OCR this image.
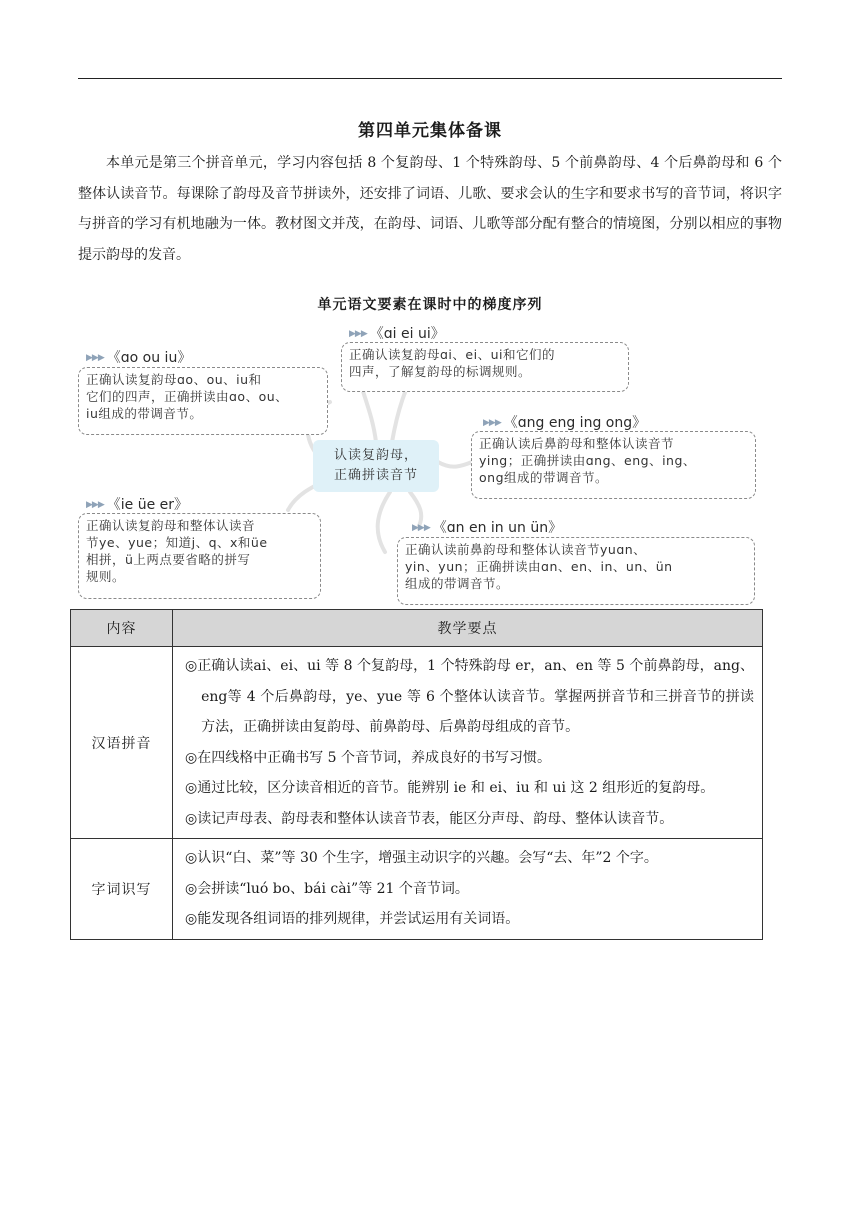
第四单元集体备课

本单元是第三个拼音单元，学习内容包括 8 个复韵母、1 个特殊韵母、5 个前鼻韵母、4 个后鼻韵母和 6 个整体认读音节。每课除了韵母及音节拼读外，还安排了词语、儿歌、要求会认的生字和要求书写的音节词，将识字与拼音的学习有机地融为一体。教材图文并茂，在韵母、词语、儿歌等部分配有整合的情境图，分别以相应的事物提示韵母的发音。

单元语文要素在课时中的梯度序列
▶▶▶ 《ɑi ei ui》
正确认读复韵母ɑi、ei、ui和它们的
四声，了解复韵母的标调规则。
▶▶▶ 《ɑo ou iu》
正确认读复韵母ɑo、ou、iu和
它们的四声，正确拼读由ɑo、ou、
iu组成的带调音节。
认读复韵母，
正确拼读音节
▶▶▶ 《ɑng eng ing ong》
正确认读后鼻韵母和整体认读音节
ying；正确拼读由ɑng、eng、ing、
ong组成的带调音节。
▶▶▶ 《ie üe er》
正确认读复韵母和整体认读音
节ye、yue；知道j、q、x和üe
相拼，ü上两点要省略的拼写
规则。
▶▶▶ 《ɑn en in un ün》
正确认读前鼻韵母和整体认读音节yuɑn、
yin、yun；正确拼读由ɑn、en、in、un、ün
组成的带调音节。
内容	教学要点
汉语拼音	◎正确认读ai、ei、ui 等 8 个复韵母，1 个特殊韵母 er，an、en 等 5 个前鼻韵母，ang、eng等 4 个后鼻韵母，ye、yue 等 6 个整体认读音节。掌握两拼音节和三拼音节的拼读方法，正确拼读由复韵母、前鼻韵母、后鼻韵母组成的音节。
◎在四线格中正确书写 5 个音节词，养成良好的书写习惯。
◎通过比较，区分读音相近的音节。能辨别 ie 和 ei、iu 和 ui 这 2 组形近的复韵母。
◎读记声母表、韵母表和整体认读音节表，能区分声母、韵母、整体认读音节。

字词识写	◎认识“白、菜”等 30 个生字，增强主动识字的兴趣。会写“去、年”2 个字。
◎会拼读“luó bo、bái cài”等 21 个音节词。
◎能发现各组词语的排列规律，并尝试运用有关词语。
